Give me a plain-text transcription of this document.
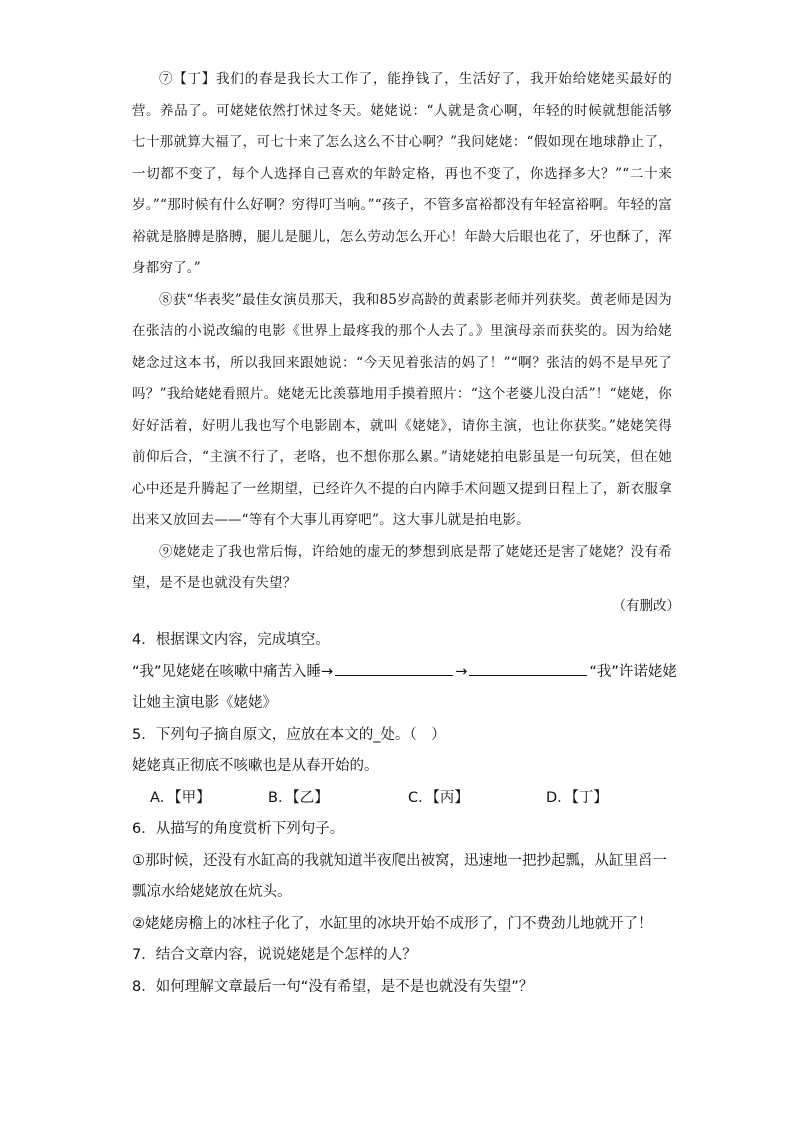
⑦【丁】我们的春是我长大工作了，能挣钱了，生活好了，我开始给姥姥买最好的营。养品了。可姥姥依然打怵过冬天。姥姥说：“人就是贪心啊，年轻的时候就想能活够七十那就算大福了，可七十来了怎么这么不甘心啊？”我问姥姥：“假如现在地球静止了，一切都不变了，每个人选择自己喜欢的年龄定格，再也不变了，你选择多大？”“二十来岁。”“那时候有什么好啊？穷得叮当响。”“孩子，不管多富裕都没有年轻富裕啊。年轻的富裕就是胳膊是胳膊，腿儿是腿儿，怎么劳动怎么开心！年龄大后眼也花了，牙也酥了，浑身都穷了。”

⑧获“华表奖”最佳女演员那天，我和85岁高龄的黄素影老师并列获奖。黄老师是因为在张洁的小说改编的电影《世界上最疼我的那个人去了。》里演母亲而获奖的。因为给姥姥念过这本书，所以我回来跟她说：“今天见着张洁的妈了！”“啊？张洁的妈不是早死了吗？”我给姥姥看照片。姥姥无比羡慕地用手摸着照片：“这个老婆儿没白活”！“姥姥，你好好活着，好明儿我也写个电影剧本，就叫《姥姥》，请你主演，也让你获奖。”姥姥笑得前仰后合，“主演不行了，老咯，也不想你那么累。”请姥姥拍电影虽是一句玩笑，但在她心中还是升腾起了一丝期望，已经许久不提的白内障手术问题又提到日程上了，新衣服拿出来又放回去——“等有个大事儿再穿吧”。这大事儿就是拍电影。

⑨姥姥走了我也常后悔，许给她的虚无的梦想到底是帮了姥姥还是害了姥姥？没有希望，是不是也就没有失望？

（有删改）
4．根据课文内容，完成填空。
“我”见姥姥在咳嗽中痛苦入睡→	→	“我”许诺姥姥
让她主演电影《姥姥》
5．下列句子摘自原文，应放在本文的_处。（　）
姥姥真正彻底不咳嗽也是从春开始的。
A．【甲】	B．【乙】	C．【丙】	D．【丁】
6．从描写的角度赏析下列句子。
①那时候，还没有水缸高的我就知道半夜爬出被窝，迅速地一把抄起瓢，从缸里舀一
瓢凉水给姥姥放在炕头。
②姥姥房檐上的冰柱子化了，水缸里的冰块开始不成形了，门不费劲儿地就开了！
7．结合文章内容，说说姥姥是个怎样的人？
8．如何理解文章最后一句“没有希望，是不是也就没有失望”？
